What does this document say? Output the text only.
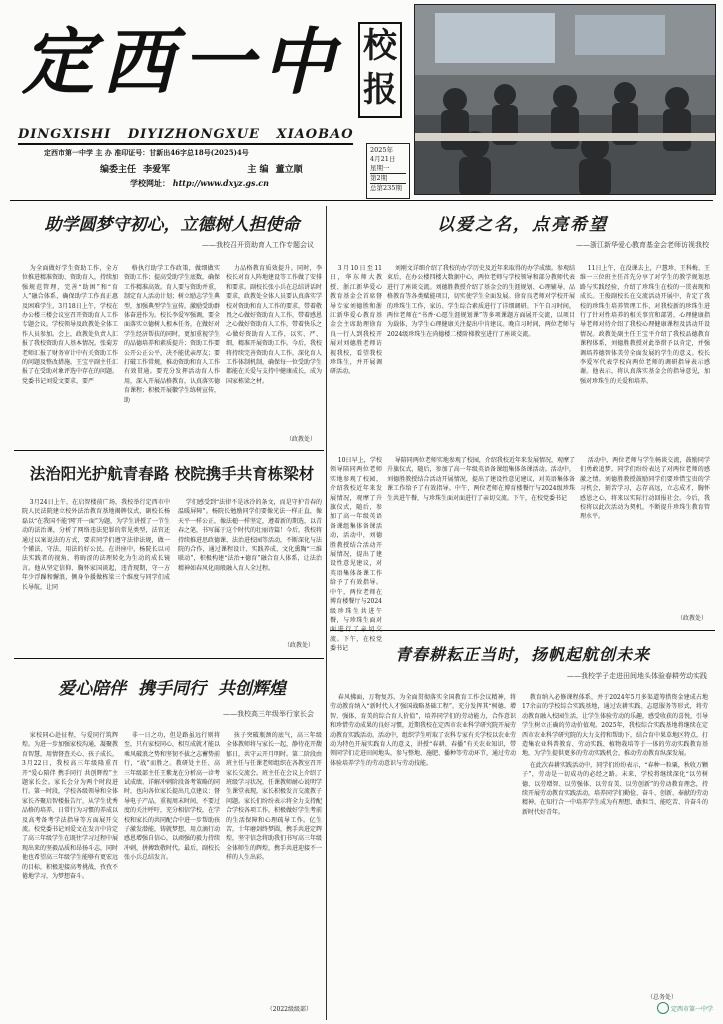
定西一中 校
报
DINGXISHI   DIYIZHONGXUE   XIAOBAO
定西市第一中学 主 办 准印证号：甘新出46字总18号(2025)4号
编委主任 李爱军	主 编 董立顺
学校网址： http://www.dxyz.gs.cn
2025年
4月21日
星期一
第2期
总第235期
助学圆梦守初心，立德树人担使命
——我校召开资助育人工作专题会议
为全面做好学生资助工作，全方位推进精准资助、资助育人，持续加强规范管理，完善“助困”和“育人”融合体系，确保助学工作真正惠及困难学生，3月18日上午，学校在办公楼三楼会议室召开资助育人工作专题会议。学校领导及政教处全体工作人员参加。会上，政教处负责人汇报了我校资助育人基本情况。张菊芳老师汇报了财务审计中有关资助工作的问题及整改措施。王宝平副主任汇报了在受助对象评选中存在的问题。党委书记刘爱文要求，要严
格执行助学工作政策，做细做实资助工作；提高受助学生底数，确保工作精准高效。育人要与资助并重，制定育人活动计划；树立励志学生典型，加强典型学生宣传，激励受助群体奋进作为。校长李爱军强调，要全面落实立德树人根本任务，在做好对学生经济帮扶的同时，更加重视学生的品德培养和素质提升；资助工作要公开公正公平，决不能优亲厚友；要打破工作常规，推动资助和育人工作有效贯通。要充分发挥活动育人作用，深入开展品格教育，认真落实德育课程；积极开展徽学生练树宣传，助
力品格教育质效提升。同时，李校长对育人阵地建设等工作做了安排和要求。副校长张小兵在总结讲话时要求，政教处全体人员要认真落实学校对资助和育人工作的要求，带着敬畏之心做好资助育人工作，带着感恩之心做好资助育人工作，带着快乐之心做好资助育人工作，以实、严、细，精准开展资助工作。今后，我校将持续完善资助育人工作，深化育人工作体制机制，确保每一位受助学生都能在关爱与支持中健康成长，成为国家栋梁之材。
（政教处）
以爱之名，点亮希望
——浙江新华爱心教育基金会老师访视我校
3月10日至11日，华东师大教授、浙江新华爱心教育基金会首席督导专家刘德胜和浙江新华爱心教育基金会主席助理徐育良一行人到我校开展对刘德胜老师访视我校，看望我校珍珠生，并开展调研活动。
刘刚文详细介绍了我校的办学历史及近年来取得的办学成绩。参观结束后，在办公楼四楼大数据中心，两位老师与学校领导和部分教师代表进行了座谈交流。刘德胜教授介绍了基金会的生涯规划、心理辅导、品格教育等各类赋能项目，切实使学生全面发展。徐育良老师对学校开展的珍珠生工作，家访、学生综合素质进行了详细调研。下午自习时间，两位老师在“书香·心愿生涯规划课”等多项课题方面展开交流，以项目为载体，为学生心理健康关注提出中肯建议。晚自习时间，两位老师与2024级珍珠生在尚德楼二楼阶梯教室进行了座谈交流。
11日上午，在没课去上，户慧珍、王科梅、王维一三位班主任首先分享了对学生的教学规划思路与实践经验，介绍了珍珠生在校的一贯表现和成长。王俊副校长在交流活动开展中，肯定了我校的珍珠生培养管理工作，对我校新的珍珠生进行了针对性培养的相关事宜和部署，心理健康指导老师对待介绍了我校心理健康课程及活动开设情况。政教处副主任王宝平介绍了我校品德教育课程体系，刘德胜教授对此举措予以肯定，并强调培养德智体美劳全面发展的学生的意义。校长李爱军代表学校向两位老师的调研指导表示感谢。他表示，将认真落实基金会的指导意见，加强对珍珠生的关爱和培养。
法治阳光护航青春路 校院携手共育栋梁材
3月24日上午，在启智楼前广场，我校举行定西市中院人民法院建立校外法治教育基地揭牌仪式，副校长杨磊以“在我国不能‘网’开一面”为题，为学生讲授了一节生动的法治课，分析了网络违法犯罪的常见类型，法官还通过以案说法的方式，要求同学们遵守法律法规，做一个懂法、守法、用法的好公民。在讲座中，杨院长以司法实践者的视角，将晦涩的法理转化为生动的成长镜言。他从坚定信仰、胸怀家国谈起，违背现期，守一方年少浮躁和懈浪，侧身争援做栋梁三个维度与同学们成长导航，让同
学们感受到“法律不是冰冷的条文，而是守护青春的温暖屏障”。杨院长勉励同学们要像光法一样正直，像天平一样公正，像法槌一样坚定，遵着新的期选，以青春之笔，书写属于这个时代的壮丽诗篇！今后，我校将持续推进思政德课、法治进校园等活动，不断深化与法院的合作，通过课程设计、实践养成、文化熏陶“三维联动”，积极构建“法治+德育”融合育人体系，让法治精神如春风化雨般融入育人全过程。
（政教处）
10日早上，学校领导陪同两位老师实地参观了校园，介绍我校近年来发展情况，观摩了升旗仪式，随后，参加了高一年级英语备课组集体备课活动，活动中，刘德胜教授结合活动开展情况，提出了建设性意见建议，对英语集体备课工作给予了有效指导。中午，两位老师在博育楼餐厅与2024级珍珠生共进午餐，与珍珠生面对 流。下午，在校党委书记
导陪同两位老师实地参观了校园，介绍我校近年来发展情况，观摩了升旗仪式，随后，参加了高一年级英语备课组集体备课活动。活动中，刘德胜教授结合活动开展情况，提出了建设性意见建议，对英语集体备课工作给予了有效指导。中午，两位老师在博育楼餐厅与2024级珍珠生共进午餐，与珍珠生面对面进行了亲切交流。下午，在校党委书记
活动中，两位老师与学生畅谈交流，鼓励同学们勇敢追梦，同学们纷纷表达了对两位老师的感激之情。刘德胜教授鼓励同学们要珍惜宝贵的学习机会，刻苦学习，志存高远，立志成才，胸怀感恩之心，将来以实际行动回报社会。今后，我校将以此次活动为契机，不断提升珍珠生教育管理水平。
（政教处）
爱心陪伴  携手同行  共创辉煌
——我校高三年级举行家长会
家校同心赴征程，与爱同行筑辉煌。为进一步加强家校沟通，凝聚教育智慧，用情督查关心、孩子成长，3月22日，我校高三年级隆重召开“爱心陪伴 携手同行 共创辉煌”主题家长会。家长会分为两个时段进行。第一时段，学校各级领导和全体家长齐聚启智楼报告厅，从学生优秀品格的培养、日常行为习惯的养成以及高考备考学法指导等方面展开交流。校党委书记刘爱文在发言中肯定了高三年级学生在既往学习过程中展现出来的坚毅品质和昂扬斗志，同时他也希望高三年级学生能够有更宏远的目标，积极迎接高考挑战，孜孜不倦地学习，为梦想奋斗。
非一日之功，但是路虽远行则将至，只有家校同心，相互成就才能以乘风破浪之势和坚韧不拔之志蓄势前行，“战”而胜之。教研处主任、高三年级部主任王紫龙在分析高一诊考试成绩、详解冲刺阶段备考策略的同时，也向各位家长提出几点建议：督导电子产品，重视周末时间，不要过度的关注呼吁，充分相信学校，在学校和家长的共同配合中进一步帮助孩子激发潜能，铸就梦想，用点滴行动感恩增强自信心，以顽强的毅力持续冲刺，拼搏致敬时代。最后，副校长张小兵总结发言。
孩子突破瓶颈的底气，高三年级全体教师将与家长一起，静待花开馥郁日，共守云开月明时。第二阶段由班主任与任课老师组织在各教室召开家长交流会。班主任在会议上介绍了班级学习状况，任课教师耐心说明学生课堂表现，家长积极发言交流教子问题。家长们纷纷表示将全力支持配合学校各项工作，积极做好学生考前的生活保障和心理疏导工作。亿生苦，十年磨剑终梦圆，携手共进定辉煌，坚守信念将助我们书写高三年级全体师生的辉煌，携手共进迎接不一样的人生出彩。
（2022级级部）
青春耕耘正当时，扬帆起航创未来
——我校学子走进田间地头体验春耕劳动实践
春风拂面，万物复苏。为全面贯彻落实全国教育工作会议精神，将劳动教育纳入“新时代人才强国战略基础工程”，充分发挥其“树德、增智、强体、育美的综合育人价值”，培养同学们的劳动能力，合作意识和珍惜劳动成果的良好习惯，近期我校在定西市农业科学研究院开展劳动教育实践活动。活动中，组织学生听取了农科专家有关学校以农业劳动为特色开展实践育人的意义，讲授“春耕、春播”有关农业知识，带领同学们走进田间地头，参与整地、施肥、播种等劳动环节，通过劳动体验培养学生的劳动意识与劳动技能。

教育纳入必修课程体系，并于2024年5月多渠道筹措资金建成占地17余亩的学校综合实践基地，通过农耕实践、志愿服务等形式，将劳动教育融入校园生活，让学生体验劳动的乐趣，感受收获的喜悦，引导学生树立正确的劳动价值观。2025年，我校综合实践基地将继续在定西市农业科学研究院的大力支持和帮助下，结合育中果草地区特点，打造集农业科普教育、劳动实践、植物栽培等于一体的劳动实践教育基地，为学生提供更多的劳动实践机会，推动劳动教育纵深发展。

在此次春耕实践活动中，同学们纷纷表示，“春种一粒粟，秋收万颗子”，劳动是一切成功的必经之路。未来，学校将继续深化“以劳树德、以劳增智、以劳强体、以劳育美、以劳创新”的劳动教育理念，持续开展劳动教育实践活动，培养同学们勤俭、奋斗、创新、奉献的劳动精神，在知行合一中培养学生成为有理想、敢担当、能吃苦、肯奋斗的新时代好青年。

（总务处）
定西市第一中学
